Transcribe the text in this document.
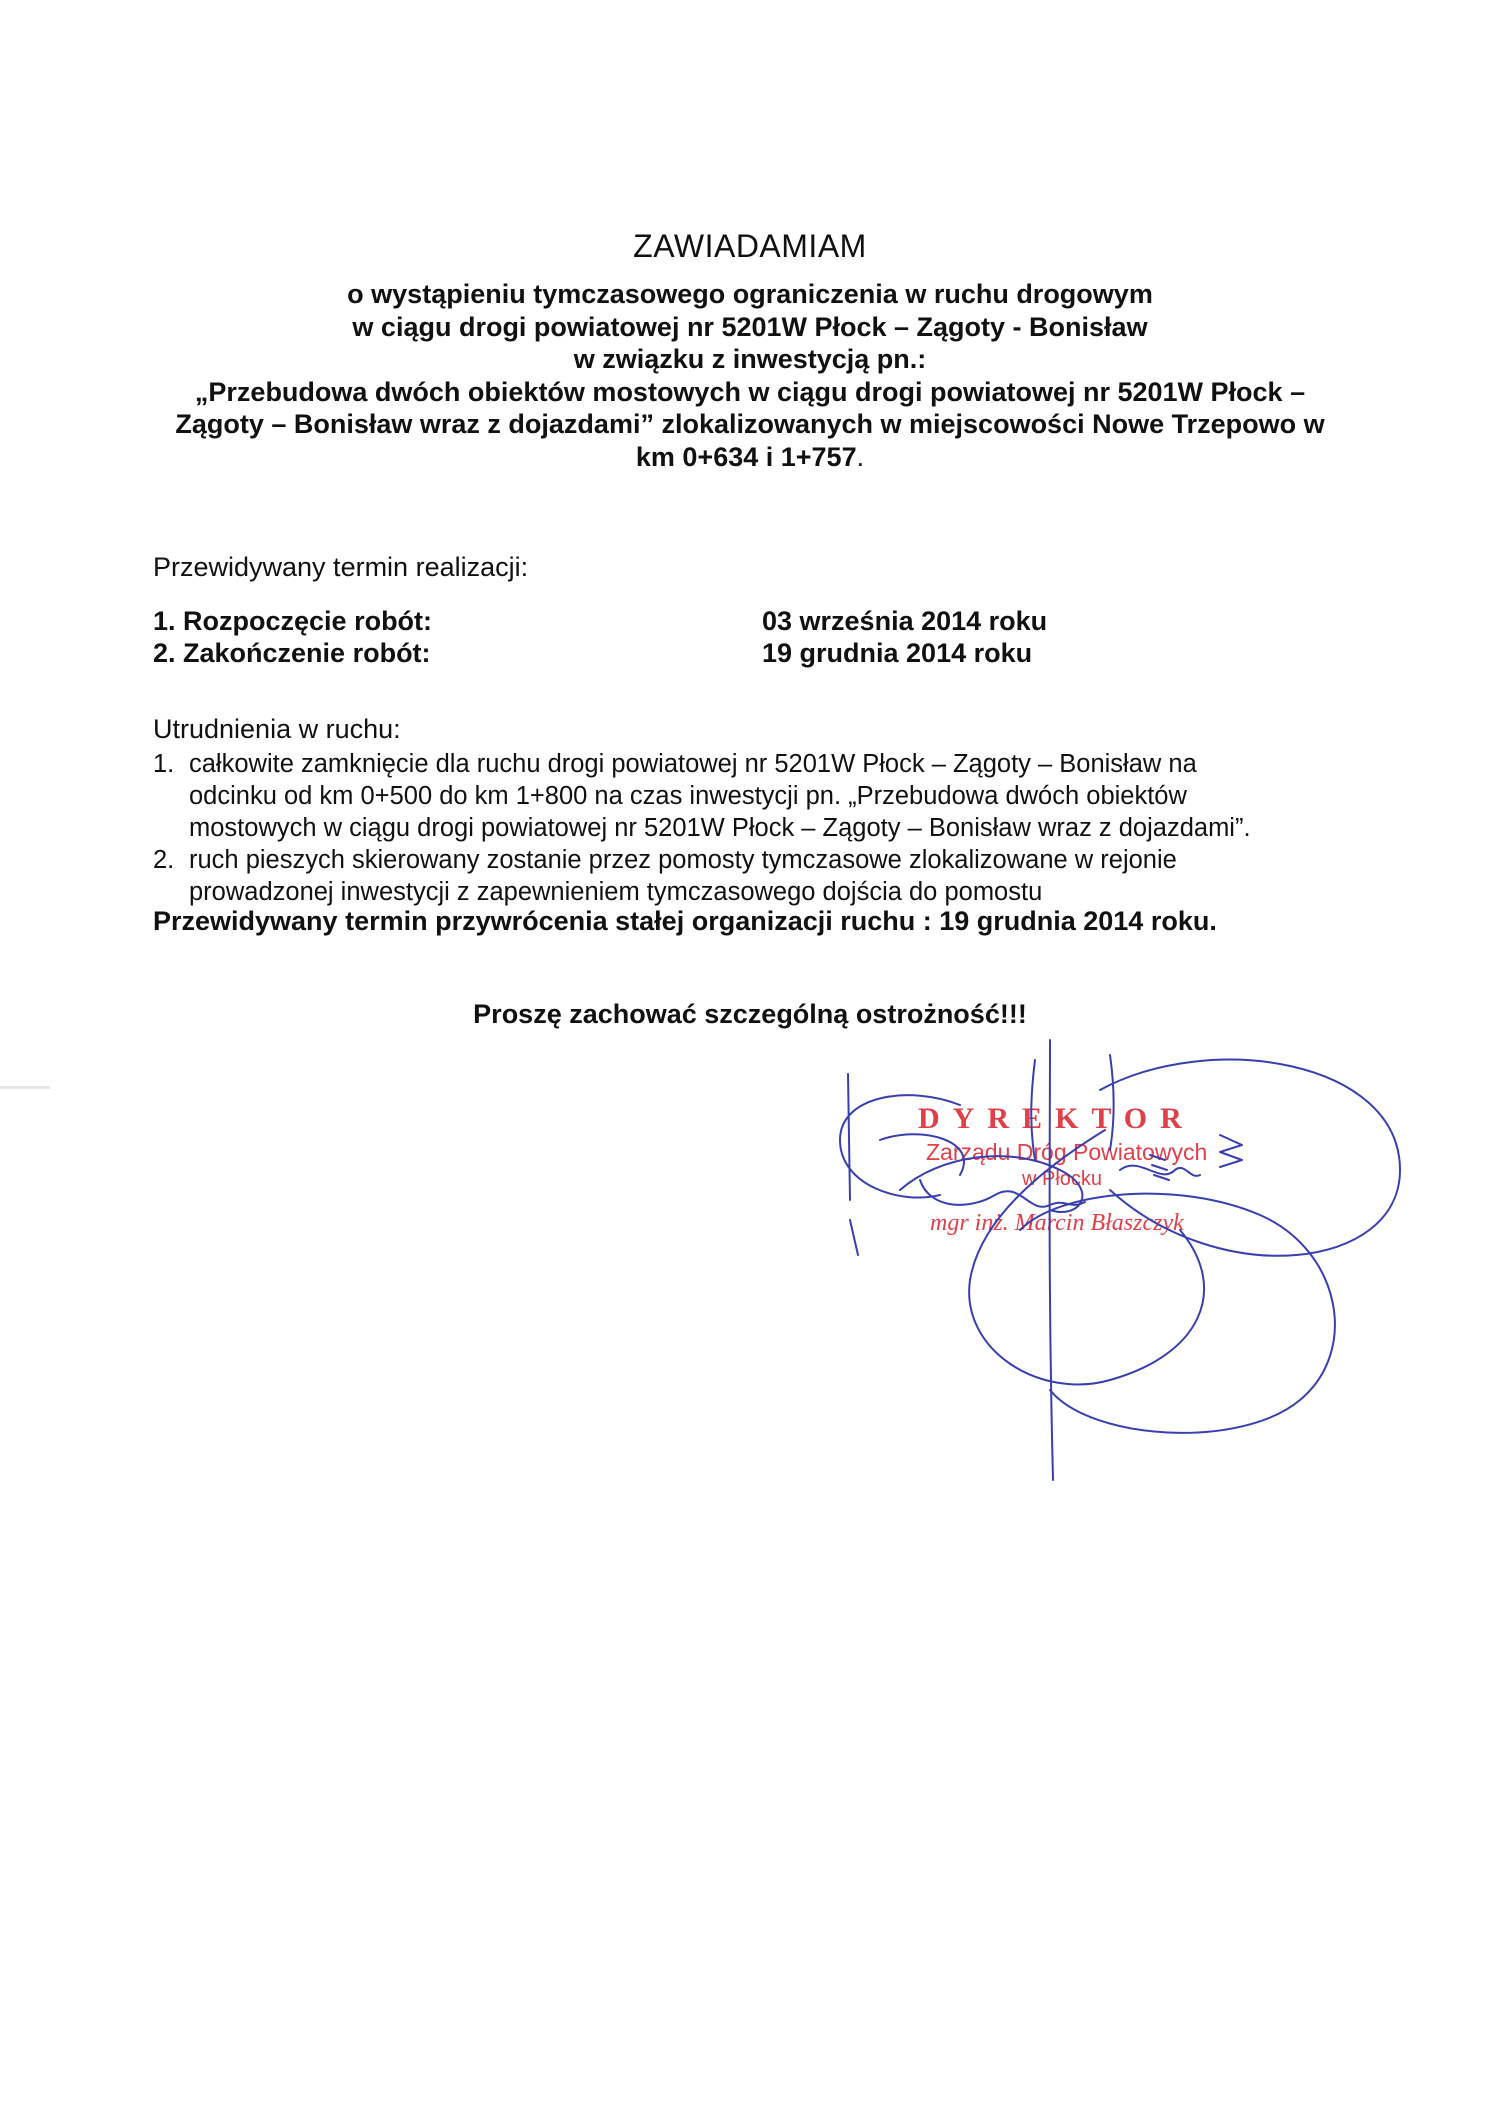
ZAWIADAMIAM
o wystąpieniu tymczasowego ograniczenia w ruchu drogowym
w ciągu drogi powiatowej nr 5201W Płock – Zągoty - Bonisław
w związku z inwestycją pn.:
„Przebudowa dwóch obiektów mostowych w ciągu drogi powiatowej nr 5201W Płock –
Zągoty – Bonisław wraz z dojazdami” zlokalizowanych w miejscowości Nowe Trzepowo w
km 0+634 i 1+757.
Przewidywany termin realizacji:
1. Rozpoczęcie robót:	03 września 2014 roku
2. Zakończenie robót:	19 grudnia 2014 roku
Utrudnienia w ruchu:
1. całkowite zamknięcie dla ruchu drogi powiatowej nr 5201W Płock – Zągoty – Bonisław na
odcinku od km 0+500 do km 1+800 na czas inwestycji pn. „Przebudowa dwóch obiektów
mostowych w ciągu drogi powiatowej nr 5201W Płock – Zągoty – Bonisław wraz z dojazdami”.
2. ruch pieszych skierowany zostanie przez pomosty tymczasowe zlokalizowane w rejonie
prowadzonej inwestycji z zapewnieniem tymczasowego dojścia do pomostu
Przewidywany termin przywrócenia stałej organizacji ruchu : 19 grudnia 2014 roku.
Proszę zachować szczególną ostrożność!!!
DYREKTOR
Zarządu Dróg Powiatowych
w Płocku
mgr inż. Marcin Błaszczyk
